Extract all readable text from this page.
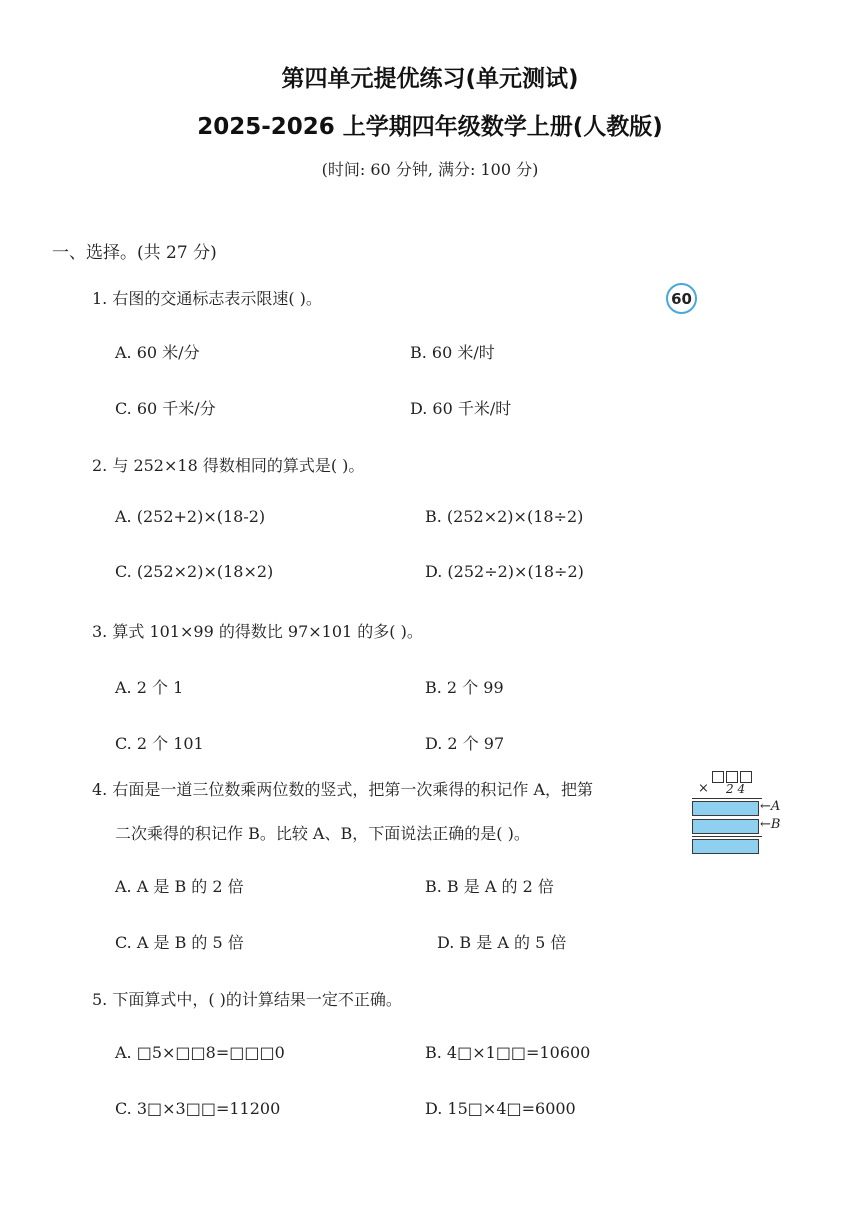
第四单元提优练习(单元测试)
2025-2026 上学期四年级数学上册(人教版)
(时间: 60 分钟, 满分: 100 分)
一、选择。(共 27 分)
1. 右图的交通标志表示限速( )。	60
A. 60 米/分	B. 60 米/时
C. 60 千米/分	D. 60 千米/时
2. 与 252×18 得数相同的算式是( )。
A. (252+2)×(18-2)	B. (252×2)×(18÷2)
C. (252×2)×(18×2)	D. (252÷2)×(18÷2)
3. 算式 101×99 的得数比 97×101 的多( )。
A. 2 个 1	B. 2 个 99
C. 2 个 101	D. 2 个 97
4. 右面是一道三位数乘两位数的竖式，把第一次乘得的积记作 A，把第
二次乘得的积记作 B。比较 A、B，下面说法正确的是( )。
× 2 4
←A
←B
A. A 是 B 的 2 倍	B. B 是 A 的 2 倍
C. A 是 B 的 5 倍	D. B 是 A 的 5 倍
5. 下面算式中，( )的计算结果一定不正确。
A. □5×□□8=□□□0	B. 4□×1□□=10600
C. 3□×3□□=11200	D. 15□×4□=6000
